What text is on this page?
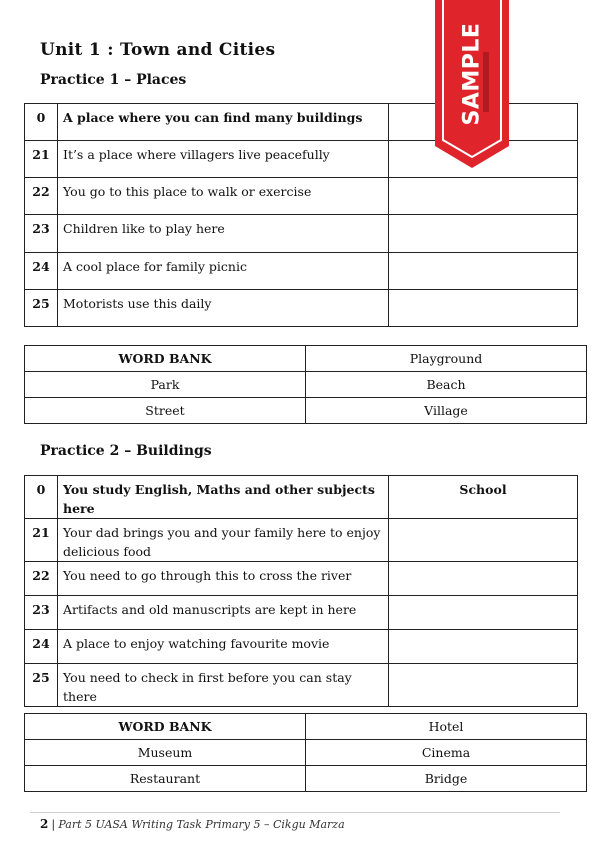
Unit 1 : Town and Cities
Practice 1 – Places
0	A place where you can find many buildings	
21	It’s a place where villagers live peacefully	
22	You go to this place to walk or exercise	
23	Children like to play here	
24	A cool place for family picnic	
25	Motorists use this daily	
WORD BANK	Playground
Park	Beach
Street	Village
Practice 2 – Buildings
0	You study English, Maths and other subjects here	School
21	Your dad brings you and your family here to enjoy delicious food	
22	You need to go through this to cross the river	
23	Artifacts and old manuscripts are kept in here	
24	A place to enjoy watching favourite movie	
25	You need to check in first before you can stay there	
WORD BANK	Hotel
Museum	Cinema
Restaurant	Bridge
SAMPLE
2 | Part 5 UASA Writing Task Primary 5 – Cikgu Marza
